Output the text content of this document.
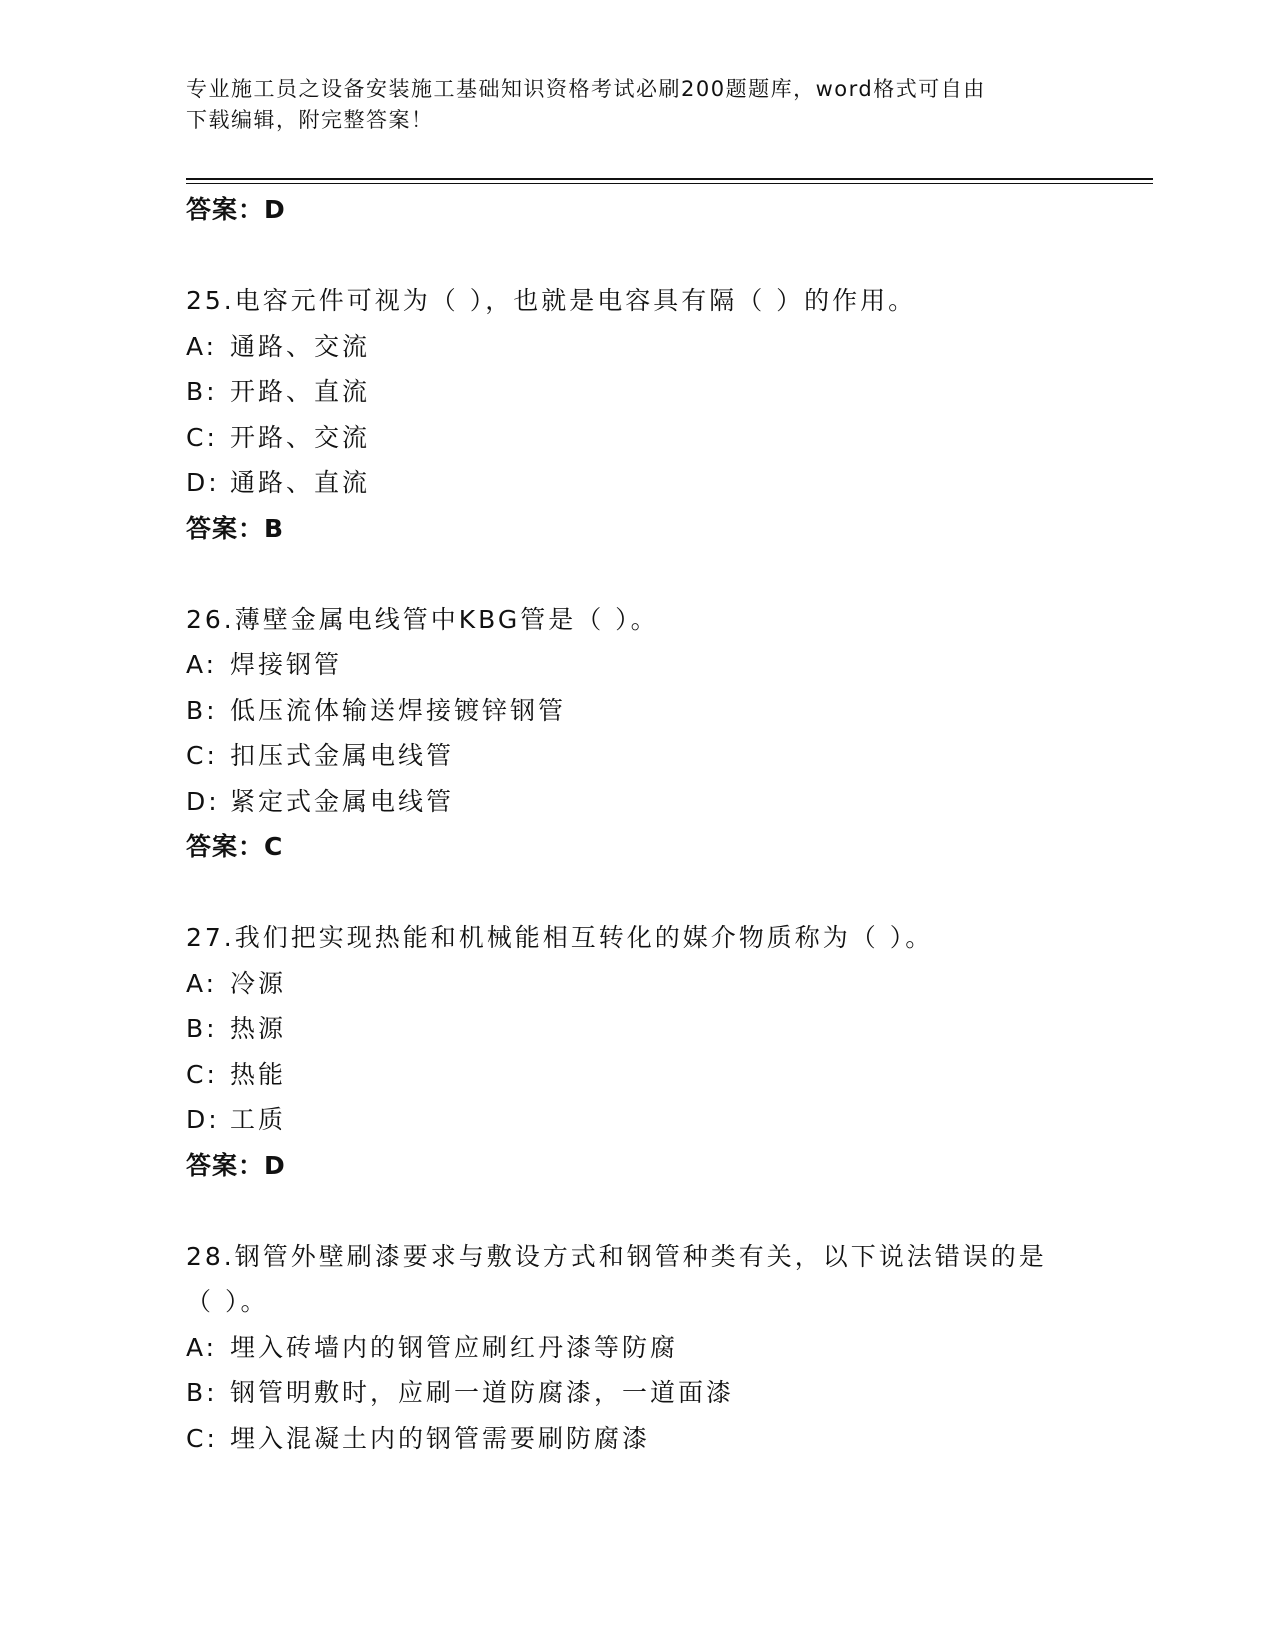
专业施工员之设备安装施工基础知识资格考试必刷200题题库，word格式可自由
下载编辑，附完整答案！
答案：D
25.电容元件可视为（ ），也就是电容具有隔（ ）的作用。
A: 通路、交流
B: 开路、直流
C: 开路、交流
D: 通路、直流
答案：B
26.薄壁金属电线管中KBG管是（ ）。
A: 焊接钢管
B: 低压流体输送焊接镀锌钢管
C: 扣压式金属电线管
D: 紧定式金属电线管
答案：C
27.我们把实现热能和机械能相互转化的媒介物质称为（ ）。
A: 冷源
B: 热源
C: 热能
D: 工质
答案：D
28.钢管外壁刷漆要求与敷设方式和钢管种类有关，以下说法错误的是
（ ）。
A: 埋入砖墙内的钢管应刷红丹漆等防腐
B: 钢管明敷时，应刷一道防腐漆，一道面漆
C: 埋入混凝土内的钢管需要刷防腐漆
